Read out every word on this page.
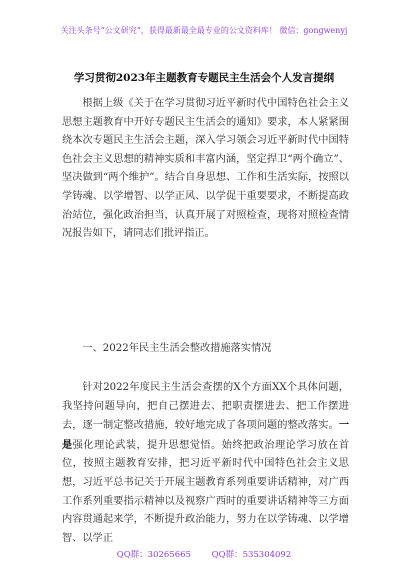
关注头条号“公文研究”，获得最新最全最专业的公文资料库！ 微信：gongwenyj
学习贯彻2023年主题教育专题民主生活会个人发言提纲

根据上级《关于在学习贯彻习近平新时代中国特色社会主义思想主题教育中开好专题民主生活会的通知》要求，本人紧紧围绕本次专题民主生活会主题，深入学习领会习近平新时代中国特色社会主义思想的精神实质和丰富内涵，坚定捍卫“两个确立”、坚决做到“两个维护”。结合自身思想、工作和生活实际，按照以学铸魂、以学增智、以学正风、以学促干重要要求，不断提高政治站位，强化政治担当，认真开展了对照检查，现将对照检查情况报告如下，请同志们批评指正。

一、2022年民主生活会整改措施落实情况

针对2022年度民主生活会查摆的X个方面XX个具体问题，我坚持问题导向，把自己摆进去、把职责摆进去、把工作摆进去，逐一制定整改措施，较好地完成了各项问题的整改落实。一是强化理论武装，提升思想觉悟。始终把政治理论学习放在首位，按照主题教育安排，把习近平新时代中国特色社会主义思想，习近平总书记关于开展主题教育系列重要讲话精神，对广西工作系列重要指示精神以及视察广西时的重要讲话精神等三方面内容贯通起来学，不断提升政治能力，努力在以学铸魂、以学增智、以学正

QQ群：30265665 QQ群：535304092
